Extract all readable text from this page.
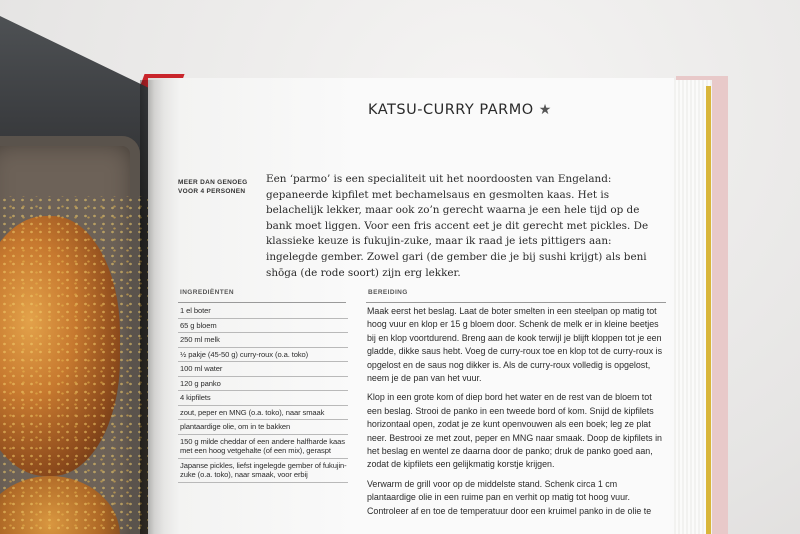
KATSU-CURRY PARMO ★
MEER DAN GENOEG VOOR 4 PERSONEN
Een ‘parmo’ is een specialiteit uit het noordoosten van Engeland: gepaneerde kipfilet met bechamelsaus en gesmolten kaas. Het is belachelijk lekker, maar ook zo’n gerecht waarna je een hele tijd op de bank moet liggen. Voor een fris accent eet je dit gerecht met pickles. De klassieke keuze is fukujin-zuke, maar ik raad je iets pittigers aan: ingelegde gember. Zowel gari (de gember die je bij sushi krijgt) als beni shōga (de rode soort) zijn erg lekker.
INGREDIËNTEN
1 el boter
65 g bloem
250 ml melk
½ pakje (45-50 g) curry-roux (o.a. toko)
100 ml water
120 g panko
4 kipfilets
zout, peper en MNG (o.a. toko), naar smaak
plantaardige olie, om in te bakken
150 g milde cheddar of een andere halfharde kaas met een hoog vetgehalte (of een mix), geraspt
Japanse pickles, liefst ingelegde gember of fukujin-zuke (o.a. toko), naar smaak, voor erbij
BEREIDING

Maak eerst het beslag. Laat de boter smelten in een steelpan op matig tot hoog vuur en klop er 15 g bloem door. Schenk de melk er in kleine beetjes bij en klop voortdurend. Breng aan de kook terwijl je blijft kloppen tot je een gladde, dikke saus hebt. Voeg de curry-roux toe en klop tot de curry-roux is opgelost en de saus nog dikker is. Als de curry-roux volledig is opgelost, neem je de pan van het vuur.

Klop in een grote kom of diep bord het water en de rest van de bloem tot een beslag. Strooi de panko in een tweede bord of kom. Snijd de kipfilets horizontaal open, zodat je ze kunt openvouwen als een boek; leg ze plat neer. Bestrooi ze met zout, peper en MNG naar smaak. Doop de kipfilets in het beslag en wentel ze daarna door de panko; druk de panko goed aan, zodat de kipfilets een gelijkmatig korstje krijgen.

Verwarm de grill voor op de middelste stand. Schenk circa 1 cm plantaardige olie in een ruime pan en verhit op matig tot hoog vuur. Controleer af en toe de temperatuur door een kruimel panko in de olie te
